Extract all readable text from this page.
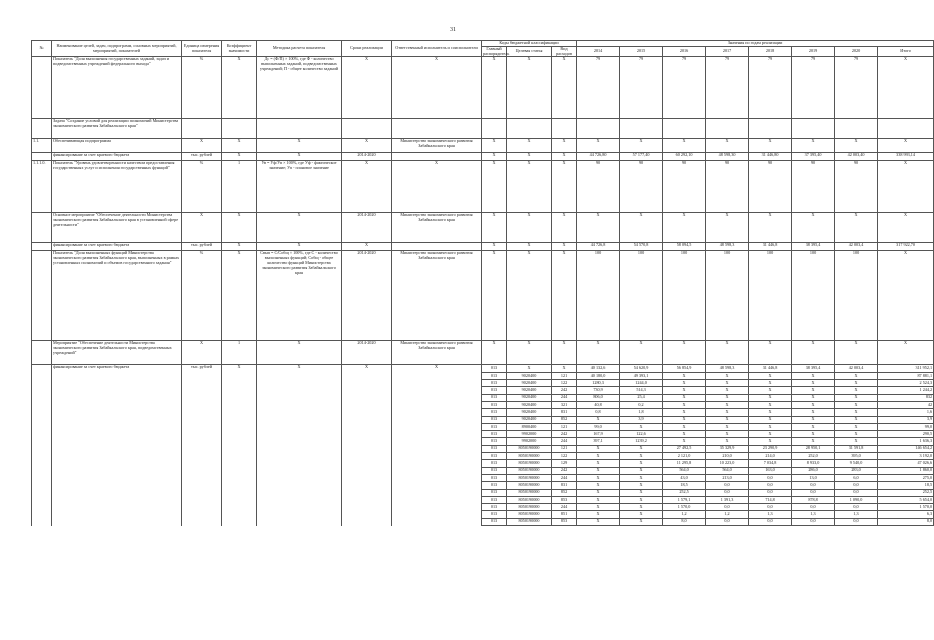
31
№	Наименование целей, задач, подпрограмм, основных мероприятий, мероприятий, показателей	Единица измерения показателя	Коэффициент значимости	Методика расчета показателя	Сроки реализации	Ответственный исполнитель и соисполнители	Коды бюджетной классификации			Значения по годам реализации							
							Главный распорядитель	Целевая статья	Вид расходов	2014	2015	2016	2017	2018	2019	2020	Итого
	Показатель "Доля выполнения государственных заданий, задач и подведомственных учреждений федерального выхода"	%	X	Дс = (Ф/П) × 100%, где Ф - количество выполненных заданий, подведомственных учреждений; П - общее количество заданий	X	X	X	X	X	79	79	79	79	79	79	79	X
	Задача "Создание условий для реализации полномочий Министерства экономического развития Забайкальского края"																
1.1.	Обеспечивающая подпрограмма	X	X	X	X	Министерство экономического развития Забайкальского края	X	X	X	X	X	X	X	X	X	X	X
	финансирование за счет краевого бюджета	тыс. рублей	X	X	2014-2020		X	X	X	44 726,80	57 177,40	60 292,10	48 598,30	31 446,80	37 395,40	42 003,40	338 993,14
1.1.1.0.	Показатель "Уровень удовлетворенности качеством предоставления государственных услуг и исполнения государственных функций"	%	1	Ув = Уф/Уп × 100%, где Уф - фактическое значение; Уп - плановое значение	X	X	X	X	X	90	90	90	90	90	90	90	X
	Основное мероприятие "Обеспечение деятельности Министерства экономического развития Забайкальского края в установленной сфере деятельности"	X	X	X	2014-2020	Министерство экономического развития Забайкальского края	X	X	X	X	X	X	X	X	X	X	X
	финансирование за счет краевого бюджета	тыс. рублей	X	X	X		X	X	X	44 726,8	54 570,8	58 094,5	48 598,3	31 446,8	38 395,4	42 003,4	317 922,70
	Показатель "Доля выполненных функций Министерства экономического развития Забайкальского края, выполненных в рамках установленных полномочий и объемов государственного задания"	%	X	Свып = С/Собщ × 100%, где С - количество выполненных функций; Собщ - общее количество функций Министерства экономического развития Забайкальского края	2014-2020	Министерство экономического развития Забайкальского края	X	X	X	100	100	100	100	100	100	100	X
	Мероприятие "Обеспечение деятельности Министерства экономического развития Забайкальского края, подведомственных учреждений"	X	1	X	2014-2020	Министерство экономического развития Забайкальского края	X	X	X	X	X	X	X	X	X	X	X
	финансирование за счет краевого бюджета	тыс. рублей	X	X	X	X	013	X	X	40 132,6	54 620,9	56 854,9	48 598,3	31 446,8	38 395,4	42 003,4	311 952,1
							013	9020400	121	40 180,0	49 393,1	X	X	X	X	X	87 881,1
							013	9020400	122	1280,3	1244,0	X	X	X	X	X	2 524,3
							013	9020400	242	730,9	514,3	X	X	X	X	X	1 244,2
							013	9020400	244	806,0	25,4	X	X	X	X	X	832
							013	9020400	321	40,8	0,2	X	X	X	X	X	42
							013	9020400	831	0,8	1,8	X	X	X	X	X	1,6
							013	9020400	852	X	3,9	X	X	X	X	X	3,9
							013	8900400	121	99,0	X	X	X	X	X	X	99,0
							013	9902000	242	167,9	122,6	X	X	X	X	X	290,5
							013	9902000	244	397,1	1239,2	X	X	X	X	X	1 636,3
							013	8050190000	121	X	X	27 492,5	35 329,9	23 290,9	28 950,1	31 591,8	146 654,2
							013	8050190000	122	X	X	2 121,0	210,0	214,0	252,0	395,0	3 192,0
							013	8050190000	129	X	X	11 295,8	10 223,0	7 034,8	8 933,0	9 540,0	47 026,6
							013	8050190000	242	X	X	564,0	564,0	163,0	286,0	283,0	1 860,0
							013	8050190000	244	X	X	43,0	213,0	0,0	13,0	6,0	275,0
							013	8050190000	831	X	X	18,5	0,0	0,0	0,0	0,0	18,5
							013	8050190000	852	X	X	252,5	0,0	0,0	0,0	0,0	252,5
							013	8050190000	853	X	X	1 579,1	1 391,3	714,8	878,8	1 090,0	5 654,0
							013	8050190000	244	X	X	1 570,0	0,0	0,0	0,0	0,0	1 570,0
							013	8050190000	851	X	X	1,2	1,2	1,3	1,3	1,3	6,3
							013	8050190000	853	X	X	8,0	0,0	0,0	0,0	0,0	8,0
